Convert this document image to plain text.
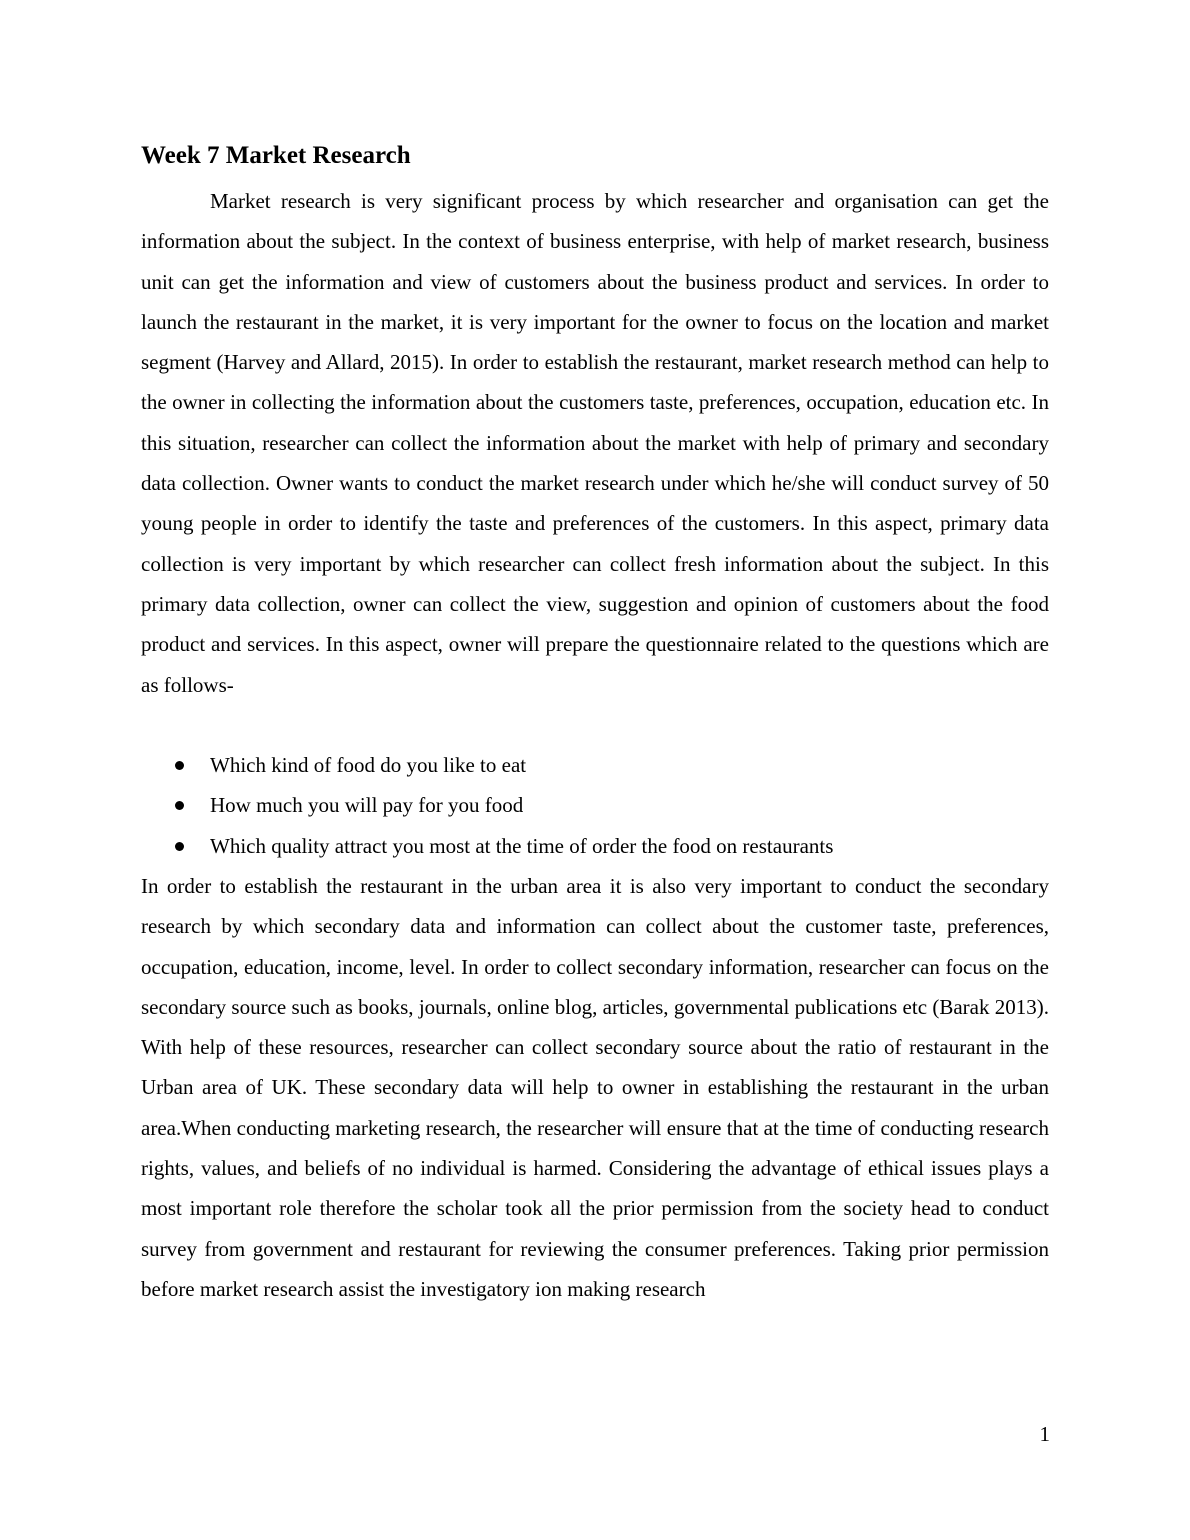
Week 7 Market Research

Market research is very significant process by which researcher and organisation can get the information about the subject. In the context of business enterprise, with help of market research, business unit can get the information and view of customers about the business product and services. In order to launch the restaurant in the market, it is very important for the owner to focus on the location and market segment (Harvey and Allard, 2015). In order to establish the restaurant, market research method can help to the owner in collecting the information about the customers taste, preferences, occupation, education etc. In this situation, researcher can collect the information about the market with help of primary and secondary data collection. Owner wants to conduct the market research under which he/she will conduct survey of 50 young people in order to identify the taste and preferences of the customers. In this aspect, primary data collection is very important by which researcher can collect fresh information about the subject. In this primary data collection, owner can collect the view, suggestion and opinion of customers about the food product and services. In this aspect, owner will prepare the questionnaire related to the questions which are as follows-

Which kind of food do you like to eat
How much you will pay for you food
Which quality attract you most at the time of order the food on restaurants

In order to establish the restaurant in the urban area it is also very important to conduct the secondary research by which secondary data and information can collect about the customer taste, preferences, occupation, education, income, level. In order to collect secondary information, researcher can focus on the secondary source such as books, journals, online blog, articles, governmental publications etc (Barak 2013). With help of these resources, researcher can collect secondary source about the ratio of restaurant in the Urban area of UK. These secondary data will help to owner in establishing the restaurant in the urban area.When conducting marketing research, the researcher will ensure that at the time of conducting research rights, values, and beliefs of no individual is harmed. Considering the advantage of ethical issues plays a most important role therefore the scholar took all the prior permission from the society head to conduct survey from government and restaurant for reviewing the consumer preferences. Taking prior permission before market research assist the investigatory ion making research

1
